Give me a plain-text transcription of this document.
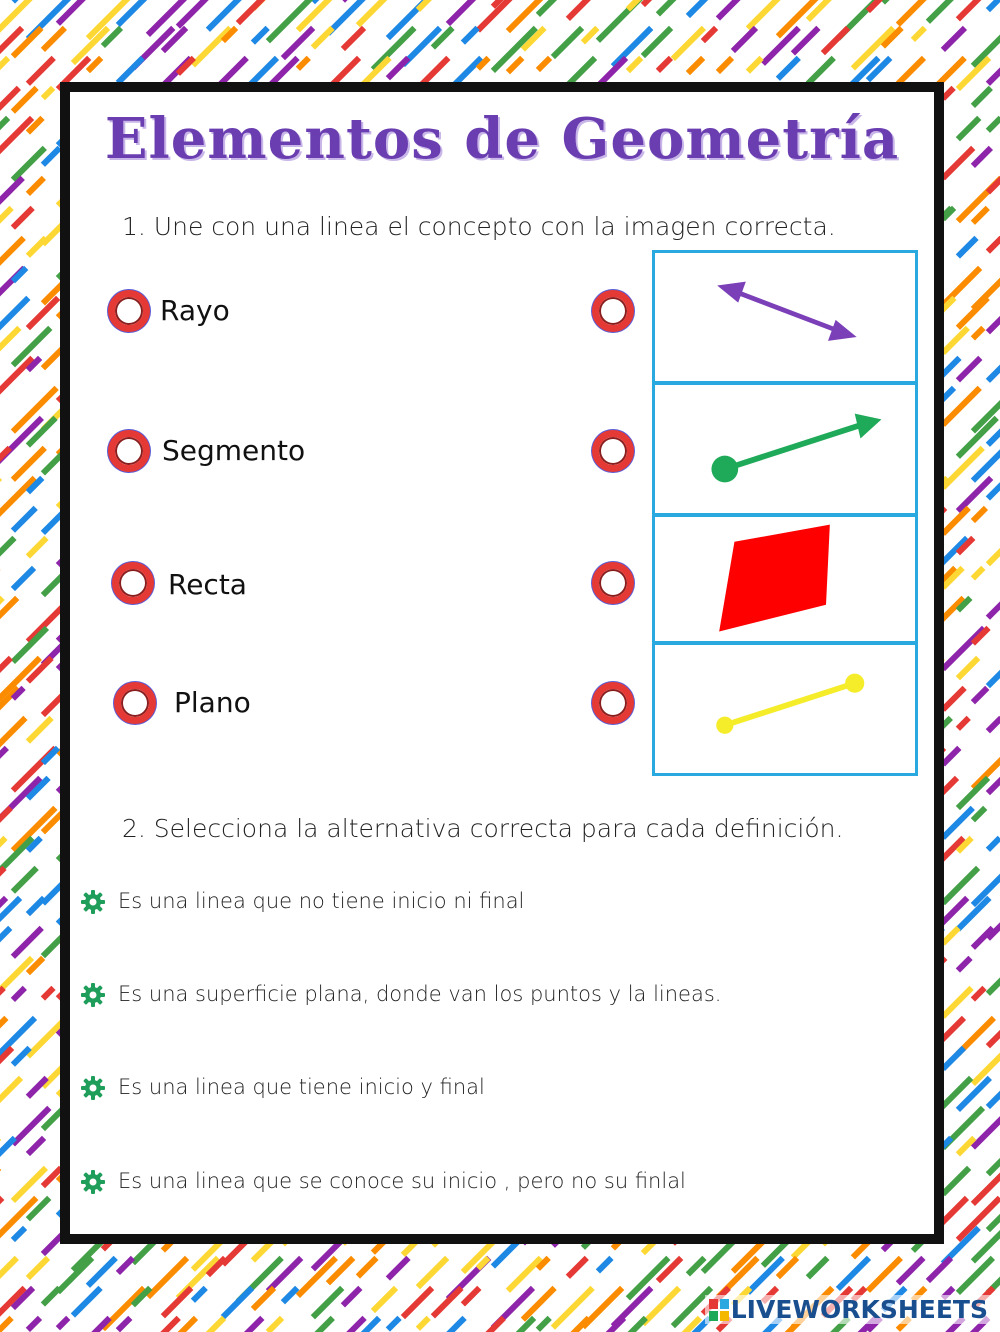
Elementos de Geometría
1. Une con una linea el concepto con la imagen correcta.
Rayo
Segmento
Recta
Plano
2. Selecciona la alternativa correcta para cada definición.
Es una linea que no tiene inicio ni final
Es una superficie plana, donde van los puntos y la lineas.
Es una linea que tiene inicio y final
Es una linea que se conoce su inicio , pero no su finlal
LIVEWORKSHEETS
